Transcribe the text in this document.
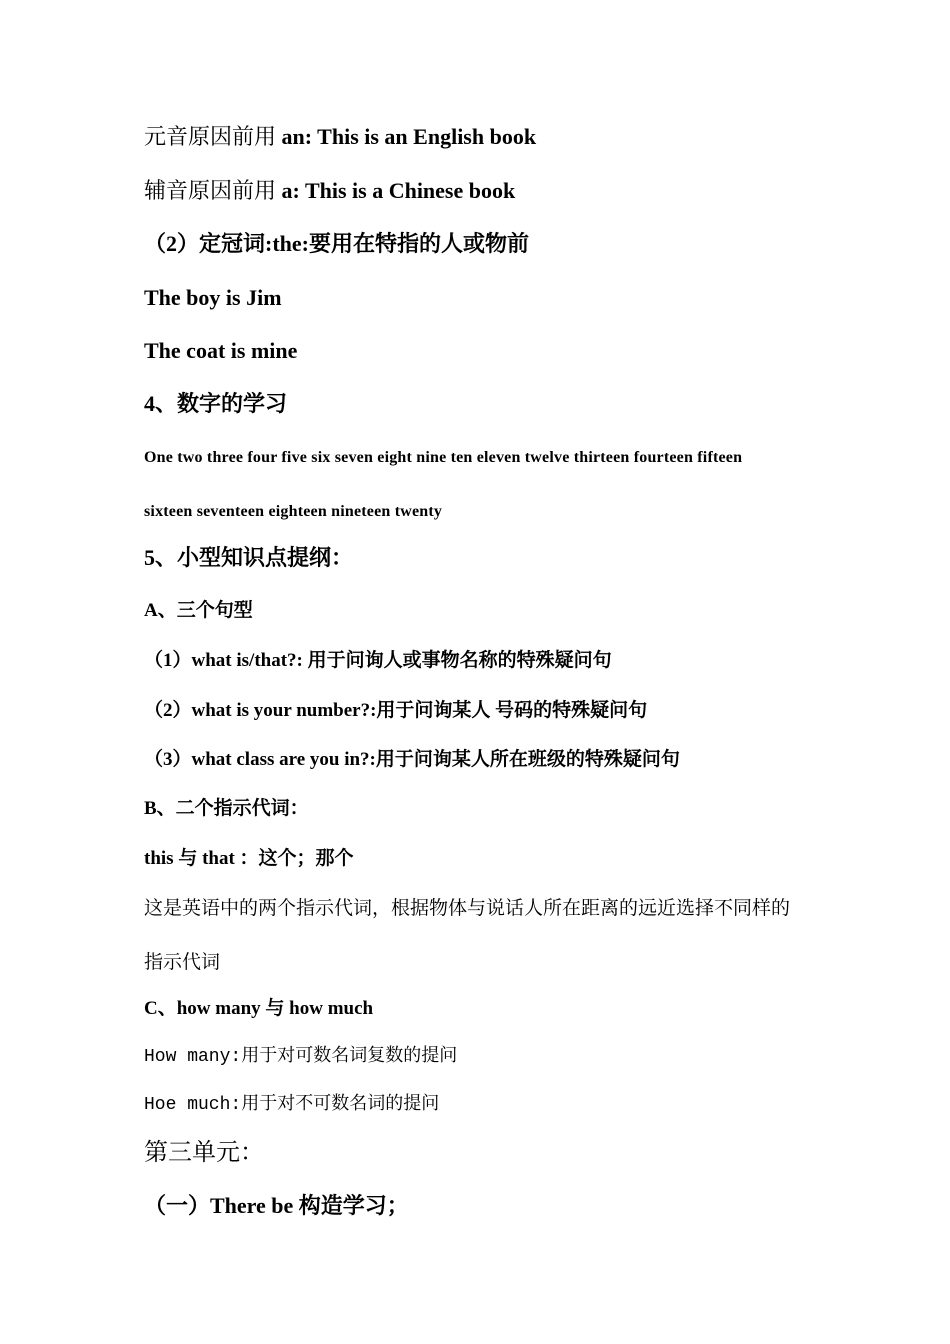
元音原因前用 an: This is an English book
辅音原因前用 a: This is a Chinese book
（2）定冠词:the:要用在特指的人或物前
The boy is Jim
The coat is mine
4、数字的学习
One two three four five six seven eight nine ten eleven twelve thirteen fourteen fifteen
sixteen seventeen eighteen nineteen twenty
5、小型知识点提纲：
A、三个句型
（1）what is/that?: 用于问询人或事物名称的特殊疑问句
（2）what is your number?:用于问询某人 号码的特殊疑问句
（3）what class are you in?:用于问询某人所在班级的特殊疑问句
B、二个指示代词：
this 与 that ：这个；那个
这是英语中的两个指示代词，根据物体与说话人所在距离的远近选择不同样的
指示代词
C、how many 与 how much
How many:用于对可数名词复数的提问
Hoe much:用于对不可数名词的提问
第三单元：
（一）There be 构造学习；
